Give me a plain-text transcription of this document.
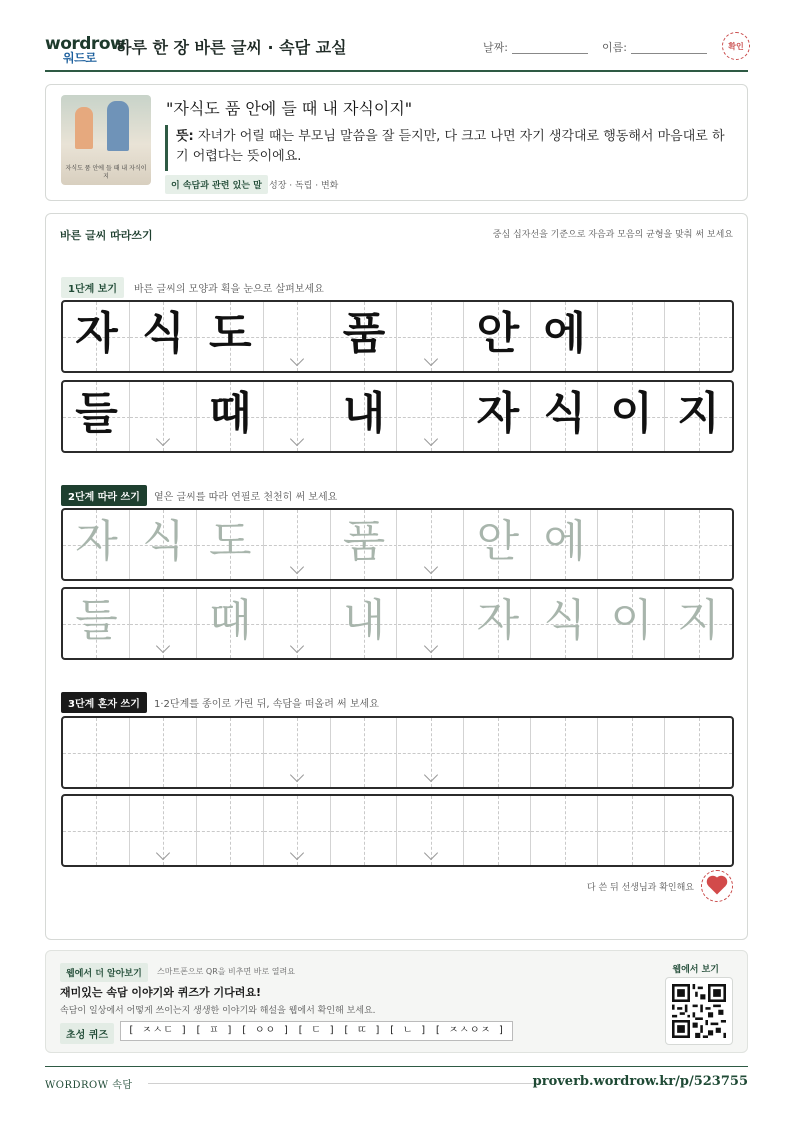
wordrow
워드로
하루 한 장 바른 글씨 · 속담 교실	날짜:	이름:	확인
자식도 품 안에 들 때 내 자식이지
"자식도 품 안에 들 때 내 자식이지"
뜻: 자녀가 어릴 때는 부모님 말씀을 잘 듣지만, 다 크고 나면 자기 생각대로 행동해서 마음대로 하기 어렵다는 뜻이에요.
이 속담과 관련 있는 말 성장 · 독립 · 변화
바른 글씨 따라쓰기	중심 십자선을 기준으로 자음과 모음의 균형을 맞춰 써 보세요
1단계 보기	바른 글씨의 모양과 획을 눈으로 살펴보세요
자 식 도 품 안 에
들 때 내 자 식 이 지
2단계 따라 쓰기	옅은 글씨를 따라 연필로 천천히 써 보세요
자 식 도 품 안 에
들 때 내 자 식 이 지
3단계 혼자 쓰기	1·2단계를 종이로 가린 뒤, 속담을 떠올려 써 보세요
다 쓴 뒤 선생님과 확인해요
웹에서 더 알아보기	스마트폰으로 QR을 비추면 바로 열려요
재미있는 속담 이야기와 퀴즈가 기다려요!
속담이 일상에서 어떻게 쓰이는지 생생한 이야기와 해설을 웹에서 확인해 보세요.
초성 퀴즈	[ ㅈㅅㄷ ] [ ㅍ ] [ ㅇㅇ ] [ ㄷ ] [ ㄸ ] [ ㄴ ] [ ㅈㅅㅇㅈ ]
웹에서 보기
WORDROW 속담	proverb.wordrow.kr/p/523755
